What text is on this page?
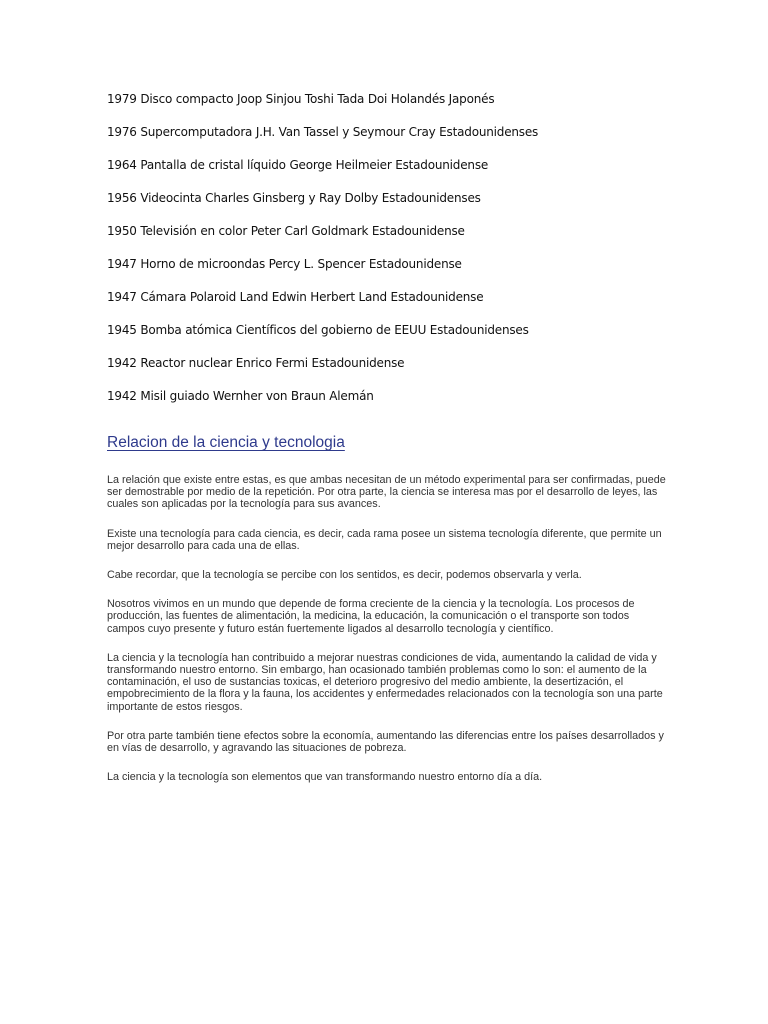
1979 Disco compacto Joop Sinjou Toshi Tada Doi Holandés Japonés
1976 Supercomputadora J.H. Van Tassel y Seymour Cray Estadounidenses
1964 Pantalla de cristal líquido George Heilmeier Estadounidense
1956 Videocinta Charles Ginsberg y Ray Dolby Estadounidenses
1950 Televisión en color Peter Carl Goldmark Estadounidense
1947 Horno de microondas Percy L. Spencer Estadounidense
1947 Cámara Polaroid Land Edwin Herbert Land Estadounidense
1945 Bomba atómica Científicos del gobierno de EEUU Estadounidenses
1942 Reactor nuclear Enrico Fermi Estadounidense
1942 Misil guiado Wernher von Braun Alemán
Relacion de la ciencia y tecnologia

La relación que existe entre estas, es que ambas necesitan de un método experimental para ser confirmadas, puede ser demostrable por medio de la repetición. Por otra parte, la ciencia se interesa mas por el desarrollo de leyes, las cuales son aplicadas por la tecnología para sus avances.

Existe una tecnología para cada ciencia, es decir, cada rama posee un sistema tecnología diferente, que permite un mejor desarrollo para cada una de ellas.

Cabe recordar, que la tecnología se percibe con los sentidos, es decir, podemos observarla y verla.

Nosotros vivimos en un mundo que depende de forma creciente de la ciencia y la tecnología. Los procesos de producción, las fuentes de alimentación, la medicina, la educación, la comunicación o el transporte son todos campos cuyo presente y futuro están fuertemente ligados al desarrollo tecnología y científico.

La ciencia y la tecnología han contribuido a mejorar nuestras condiciones de vida, aumentando la calidad de vida y transformando nuestro entorno. Sin embargo, han ocasionado también problemas como lo son: el aumento de la contaminación, el uso de sustancias toxicas, el deterioro progresivo del medio ambiente, la desertización, el empobrecimiento de la flora y la fauna, los accidentes y enfermedades relacionados con la tecnología son una parte importante de estos riesgos.

Por otra parte también tiene efectos sobre la economía, aumentando las diferencias entre los países desarrollados y en vías de desarrollo, y agravando las situaciones de pobreza.

La ciencia y la tecnología son elementos que van transformando nuestro entorno día a día.
